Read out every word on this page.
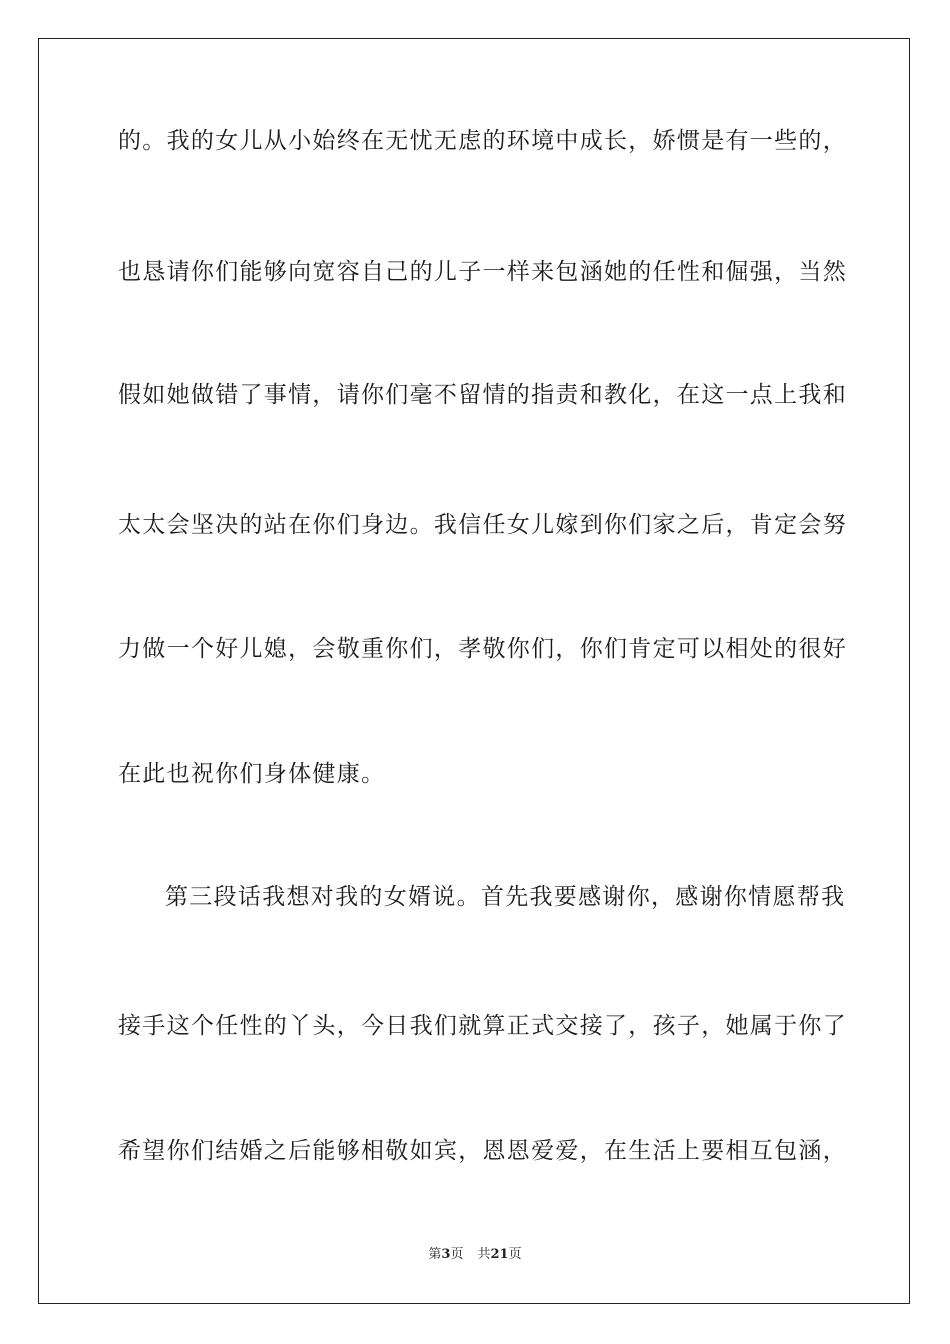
的。我的女儿从小始终在无忧无虑的环境中成长，娇惯是有一些的，
也恳请你们能够向宽容自己的儿子一样来包涵她的任性和倔强，当然
假如她做错了事情，请你们毫不留情的指责和教化，在这一点上我和
太太会坚决的站在你们身边。我信任女儿嫁到你们家之后，肯定会努
力做一个好儿媳，会敬重你们，孝敬你们，你们肯定可以相处的很好
在此也祝你们身体健康。
第三段话我想对我的女婿说。首先我要感谢你，感谢你情愿帮我
接手这个任性的丫头，今日我们就算正式交接了，孩子，她属于你了
希望你们结婚之后能够相敬如宾，恩恩爱爱，在生活上要相互包涵，
第3页 共21页
